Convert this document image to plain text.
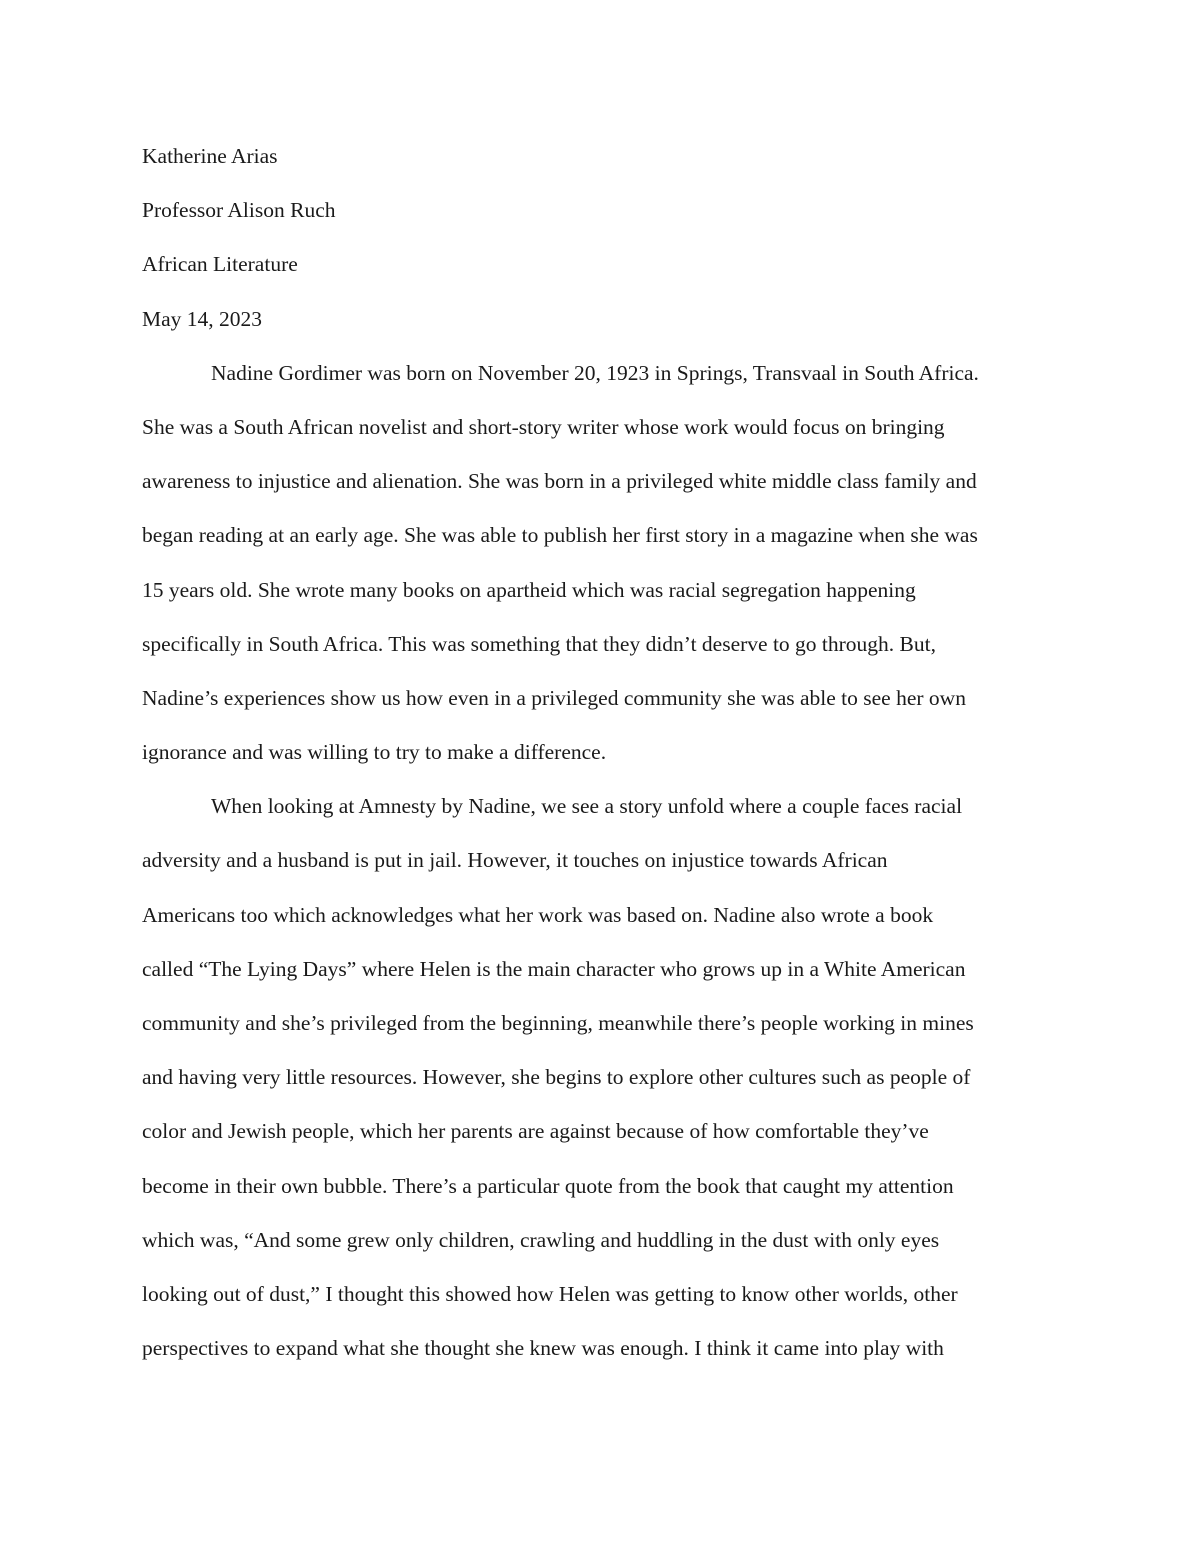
Katherine Arias
Professor Alison Ruch
African Literature
May 14, 2023
Nadine Gordimer was born on November 20, 1923 in Springs, Transvaal in South Africa.
She was a South African novelist and short-story writer whose work would focus on bringing
awareness to injustice and alienation. She was born in a privileged white middle class family and
began reading at an early age. She was able to publish her first story in a magazine when she was
15 years old. She wrote many books on apartheid which was racial segregation happening
specifically in South Africa. This was something that they didn’t deserve to go through. But,
Nadine’s experiences show us how even in a privileged community she was able to see her own
ignorance and was willing to try to make a difference.
When looking at Amnesty by Nadine, we see a story unfold where a couple faces racial
adversity and a husband is put in jail. However, it touches on injustice towards African
Americans too which acknowledges what her work was based on. Nadine also wrote a book
called “The Lying Days” where Helen is the main character who grows up in a White American
community and she’s privileged from the beginning, meanwhile there’s people working in mines
and having very little resources. However, she begins to explore other cultures such as people of
color and Jewish people, which her parents are against because of how comfortable they’ve
become in their own bubble. There’s a particular quote from the book that caught my attention
which was, “And some grew only children, crawling and huddling in the dust with only eyes
looking out of dust,” I thought this showed how Helen was getting to know other worlds, other
perspectives to expand what she thought she knew was enough. I think it came into play with
